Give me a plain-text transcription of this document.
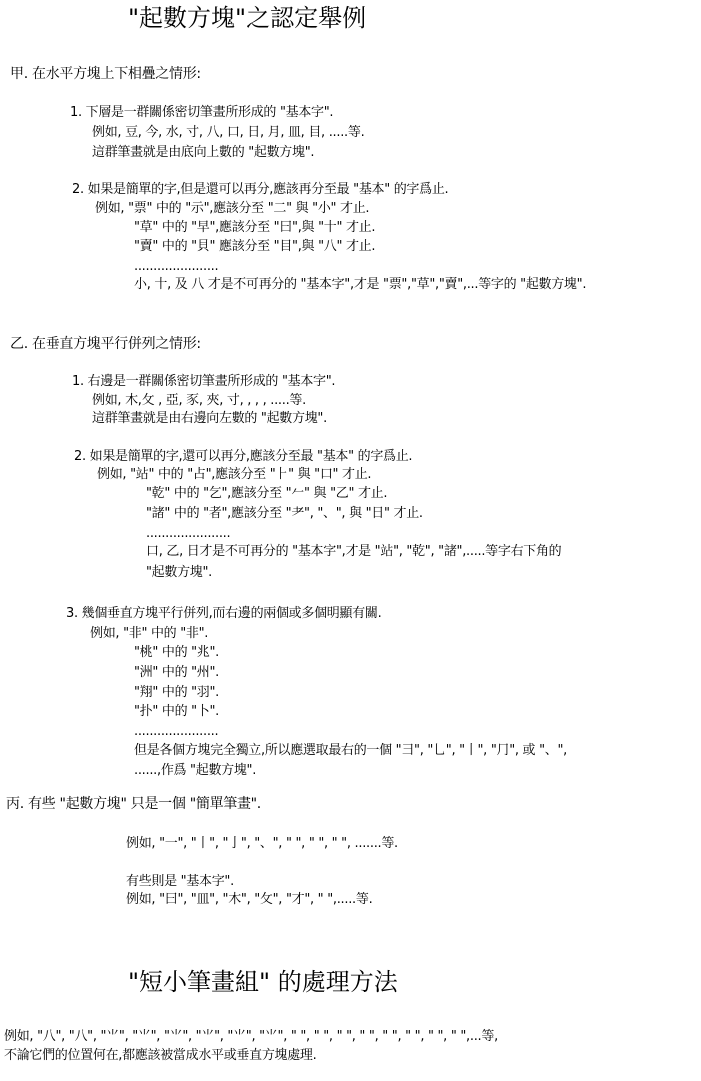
"起數方塊"之認定舉例
甲. 在水平方塊上下相疊之情形:
1. 下層是一群關係密切筆畫所形成的 "基本字".
例如, 豆, 今, 水, 寸, 八, 口, 日, 月, 皿, 目, .....等.
這群筆畫就是由底向上數的 "起數方塊".
2. 如果是簡單的字,但是還可以再分,應該再分至最 "基本" 的字爲止.
例如, "票" 中的 "示",應該分至 "二" 與 "小" 才止.
"草" 中的 "早",應該分至 "曰",與 "十" 才止.
"賣" 中的 "貝" 應該分至 "目",與 "八" 才止.
......................
小, 十, 及 八 才是不可再分的 "基本字",才是 "票","草","賣",...等字的 "起數方塊".
乙. 在垂直方塊平行併列之情形:
1. 右邊是一群關係密切筆畫所形成的 "基本字".
例如, 木,攵 , 亞, 豕, 夾, 寸, , , , .....等.
這群筆畫就是由右邊向左數的 "起數方塊".
2. 如果是簡單的字,還可以再分,應該分至最 "基本" 的字爲止.
例如, "站" 中的 "占",應該分至 "⺊" 與 "口" 才止.
"乾" 中的 "乞",應該分至 "𠂉" 與 "乙" 才止.
"諸" 中的 "者",應該分至 "耂", "、", 與 "日" 才止.
......................
口, 乙, 日才是不可再分的 "基本字",才是 "站", "乾", "諸",.....等字右下角的
"起數方塊".
3. 幾個垂直方塊平行併列,而右邊的兩個或多個明顯有關.
例如, "非" 中的 "非".
"桃" 中的 "兆".
"洲" 中的 "州".
"翔" 中的 "羽".
"扑" 中的 "卜".
......................
但是各個方塊完全獨立,所以應選取最右的一個 "⺕", "乚", "丨", "⺆", 或 "、",
......,作爲 "起數方塊".
丙. 有些 "起數方塊" 只是一個 "簡單筆畫".
例如, "一", "丨", "亅", "、", " ", " ", " ", .......等.
有些則是 "基本字".
例如, "曰", "皿", "木", "攵", "才", " ",.....等.
"短小筆畫組" 的處理方法
例如, "八", "八", "⺌", "⺌", "⺌", "⺌", "⺌", "⺌", " ", " ", " ", " ", " ", " ", " ", " ",...等,
不論它們的位置何在,都應該被當成水平或垂直方塊處理.
